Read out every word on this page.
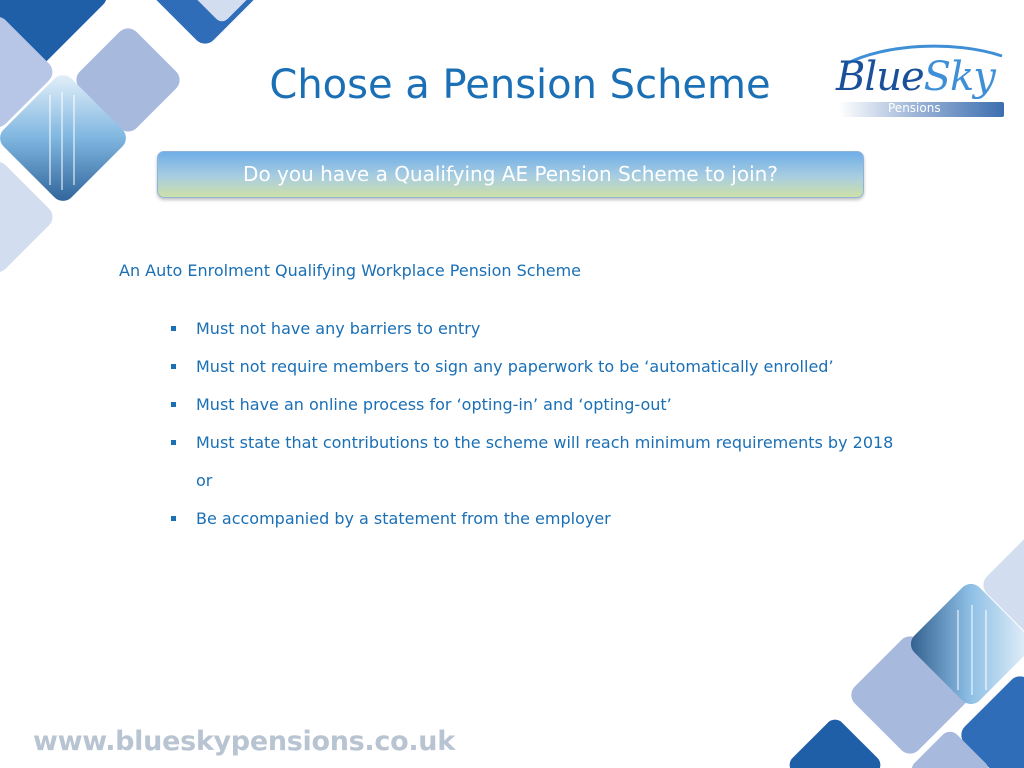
BlueSky
Pensions
Chose a Pension Scheme
Do you have a Qualifying AE Pension Scheme to join?
An Auto Enrolment Qualifying Workplace Pension Scheme
Must not have any barriers to entry
Must not require members to sign any paperwork to be ‘automatically enrolled’
Must have an online process for ‘opting-in’ and ‘opting-out’
Must state that contributions to the scheme will reach minimum requirements by 2018
or
Be accompanied by a statement from the employer
www.blueskypensions.co.uk
